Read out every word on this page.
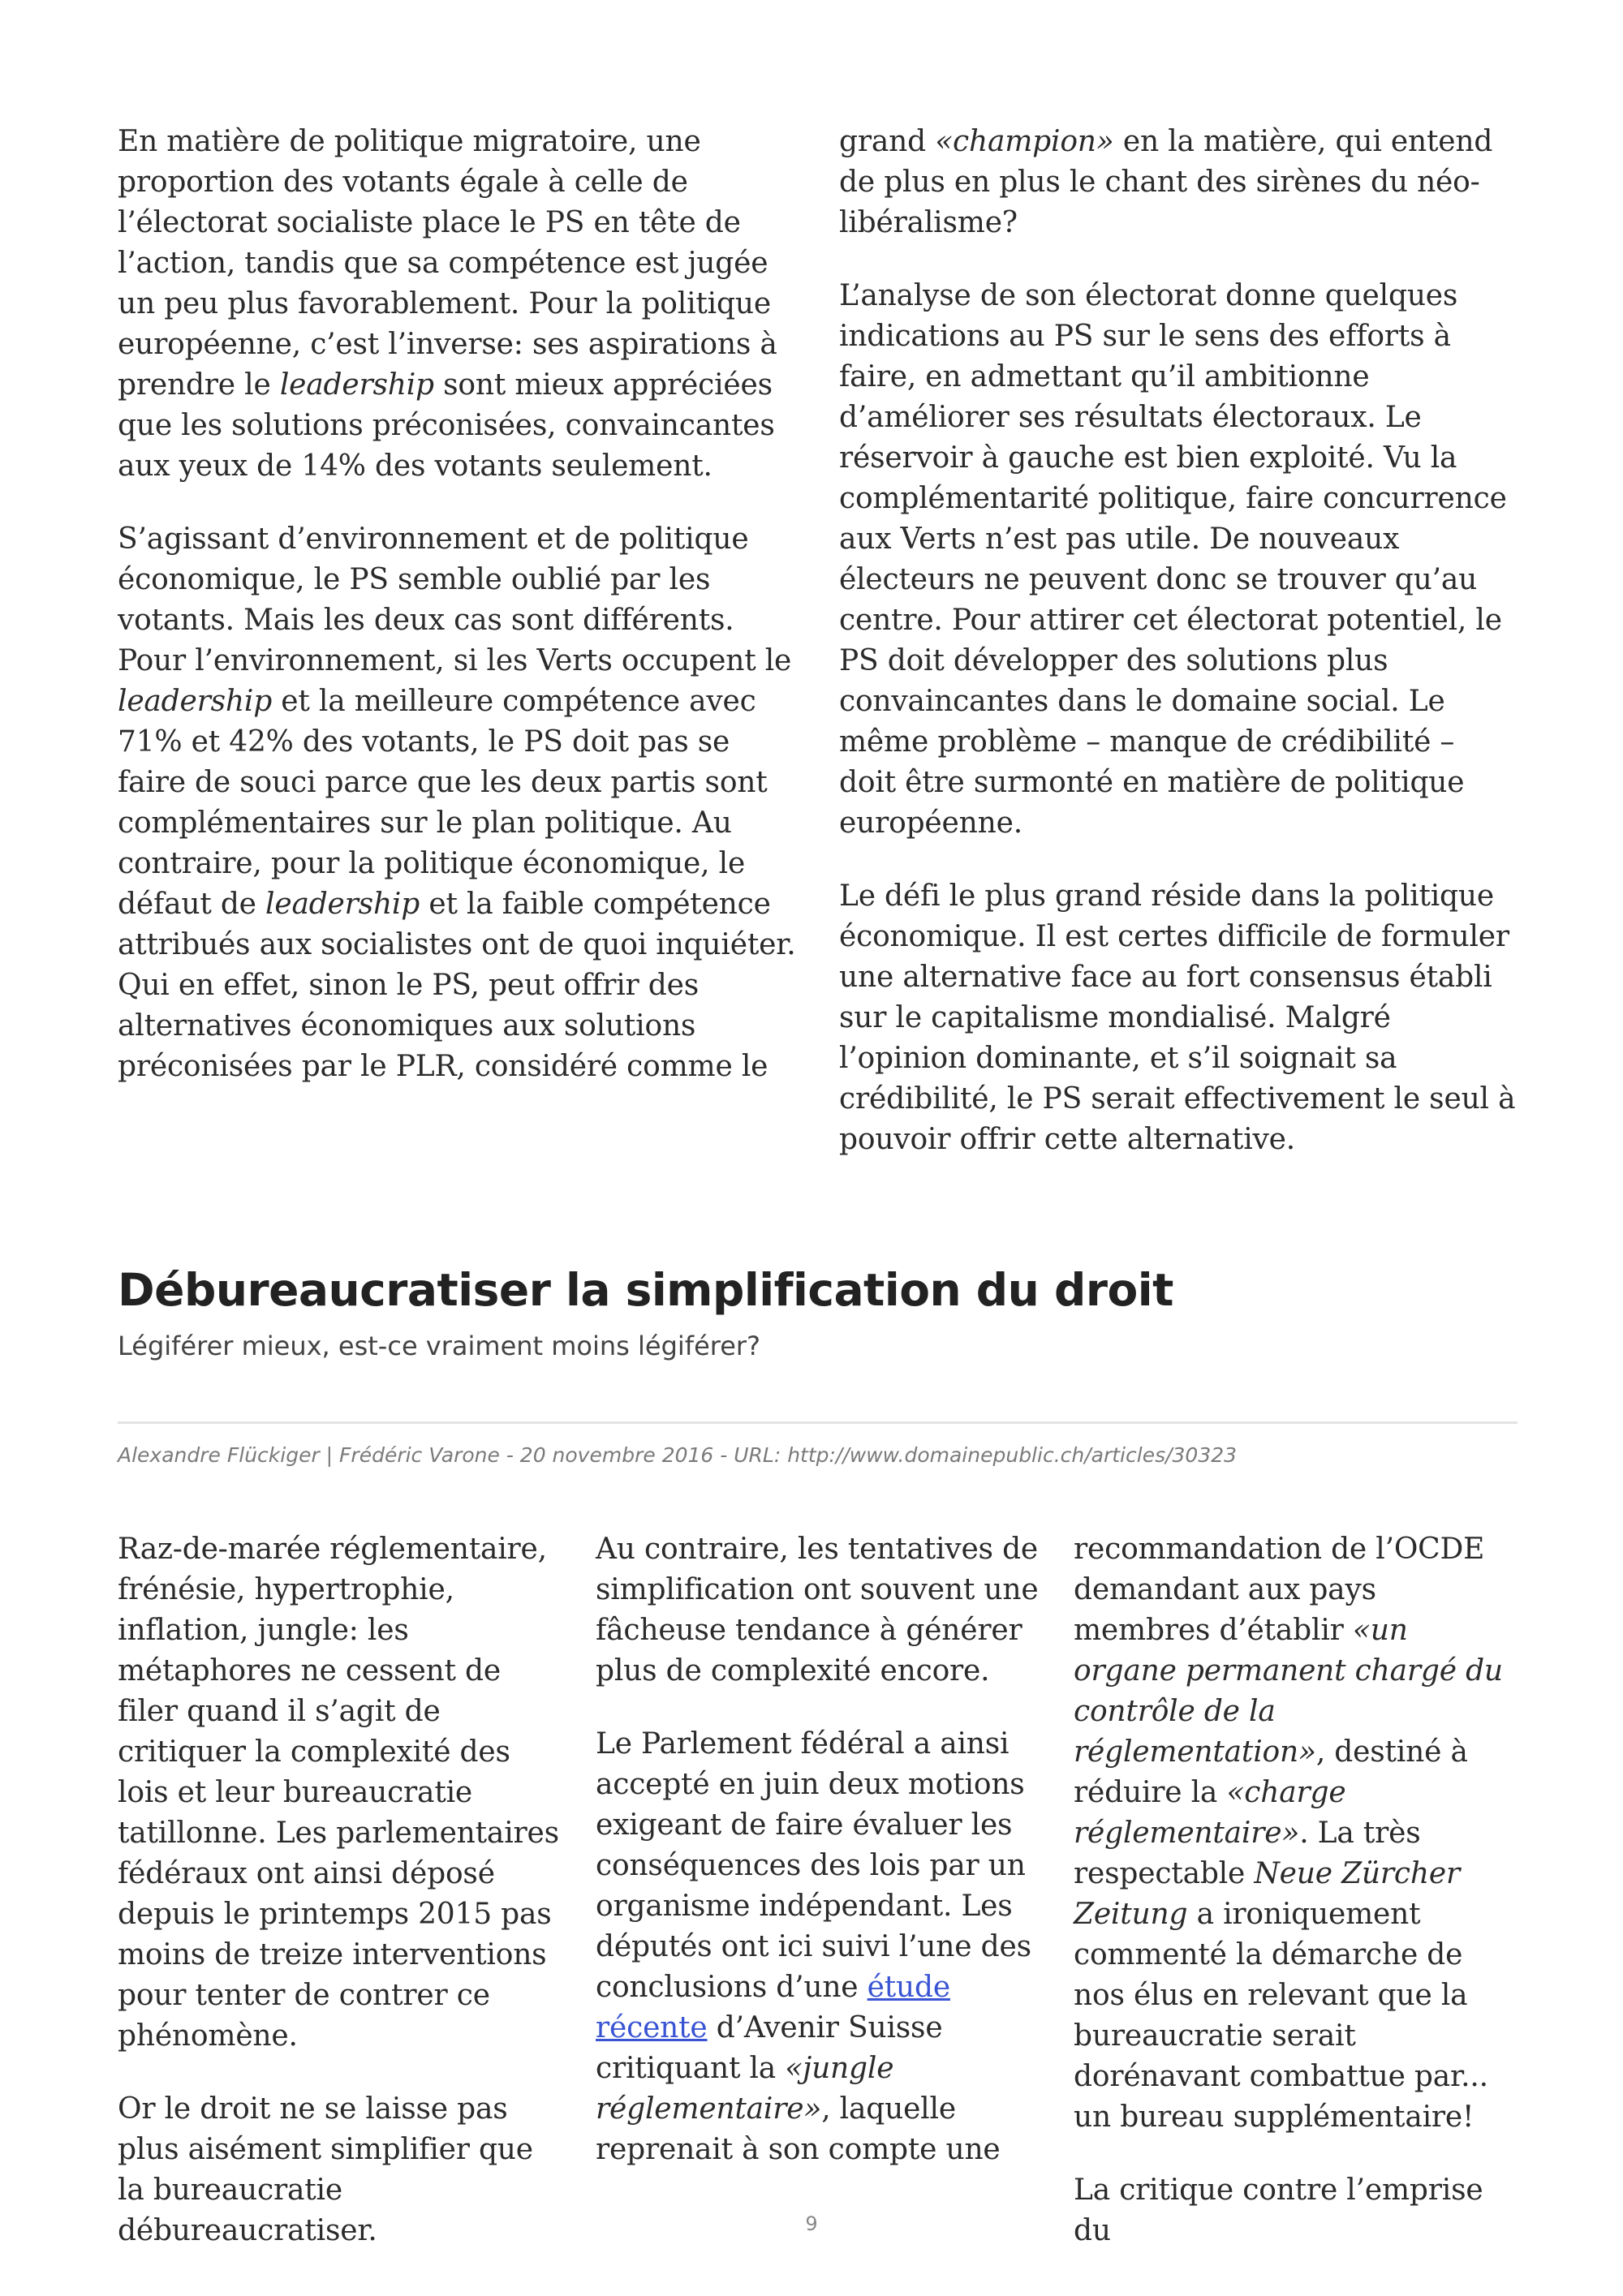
En matière de politique migratoire, une proportion des votants égale à celle de l’électorat socialiste place le PS en tête de l’action, tandis que sa compétence est jugée un peu plus favorablement. Pour la politique européenne, c’est l’inverse: ses aspirations à prendre le leadership sont mieux appréciées que les solutions préconisées, convaincantes aux yeux de 14% des votants seulement.

S’agissant d’environnement et de politique économique, le PS semble oublié par les votants. Mais les deux cas sont différents. Pour l’environnement, si les Verts occupent le leadership et la meilleure compétence avec 71% et 42% des votants, le PS doit pas se faire de souci parce que les deux partis sont complémentaires sur le plan politique. Au contraire, pour la politique économique, le défaut de leadership et la faible compétence attribués aux socialistes ont de quoi inquiéter. Qui en effet, sinon le PS, peut offrir des alternatives économiques aux solutions préconisées par le PLR, considéré comme le

grand «champion» en la matière, qui entend de plus en plus le chant des sirènes du néo-libéralisme?

L’analyse de son électorat donne quelques indications au PS sur le sens des efforts à faire, en admettant qu’il ambitionne d’améliorer ses résultats électoraux. Le réservoir à gauche est bien exploité. Vu la complémentarité politique, faire concurrence aux Verts n’est pas utile. De nouveaux électeurs ne peuvent donc se trouver qu’au centre. Pour attirer cet électorat potentiel, le PS doit développer des solutions plus convaincantes dans le domaine social. Le même problème – manque de crédibilité – doit être surmonté en matière de politique européenne.

Le défi le plus grand réside dans la politique économique. Il est certes difficile de formuler une alternative face au fort consensus établi sur le capitalisme mondialisé. Malgré l’opinion dominante, et s’il soignait sa crédibilité, le PS serait effectivement le seul à pouvoir offrir cette alternative.

Débureaucratiser la simplification du droit

Légiférer mieux, est-ce vraiment moins légiférer?

Alexandre Flückiger | Frédéric Varone - 20 novembre 2016 - URL: http://www.domainepublic.ch/articles/30323

Raz-de-marée réglementaire, frénésie, hypertrophie, inflation, jungle: les métaphores ne cessent de filer quand il s’agit de critiquer la complexité des lois et leur bureaucratie tatillonne. Les parlementaires fédéraux ont ainsi déposé depuis le printemps 2015 pas moins de treize interventions pour tenter de contrer ce phénomène.

Or le droit ne se laisse pas plus aisément simplifier que la bureaucratie débureaucratiser.

Au contraire, les tentatives de simplification ont souvent une fâcheuse tendance à générer plus de complexité encore.

Le Parlement fédéral a ainsi accepté en juin deux motions exigeant de faire évaluer les conséquences des lois par un organisme indépendant. Les députés ont ici suivi l’une des conclusions d’une étude récente d’Avenir Suisse critiquant la «jungle réglementaire», laquelle reprenait à son compte une

recommandation de l’OCDE demandant aux pays membres d’établir «un organe permanent chargé du contrôle de la réglementation», destiné à réduire la «charge réglementaire». La très respectable Neue Zürcher Zeitung a ironiquement commenté la démarche de nos élus en relevant que la bureaucratie serait dorénavant combattue par... un bureau supplémentaire!

La critique contre l’emprise du

9
